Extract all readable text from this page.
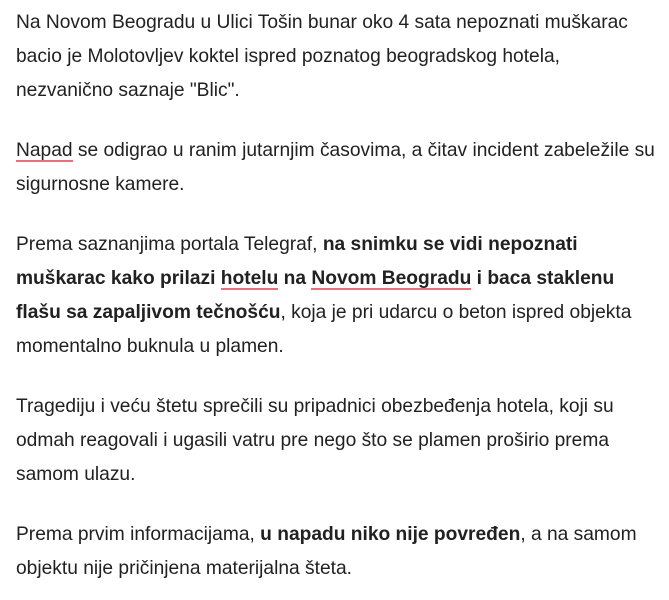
Na Novom Beogradu u Ulici Tošin bunar oko 4 sata nepoznati muškarac bacio je Molotovljev koktel ispred poznatog beogradskog hotela, nezvanično saznaje "Blic".

Napad se odigrao u ranim jutarnjim časovima, a čitav incident zabeležile su sigurnosne kamere.

Prema saznanjima portala Telegraf, na snimku se vidi nepoznati muškarac kako prilazi hotelu na Novom Beogradu i baca staklenu flašu sa zapaljivom tečnošću, koja je pri udarcu o beton ispred objekta momentalno buknula u plamen.

Tragediju i veću štetu sprečili su pripadnici obezbeđenja hotela, koji su odmah reagovali i ugasili vatru pre nego što se plamen proširio prema samom ulazu.

Prema prvim informacijama, u napadu niko nije povređen, a na samom objektu nije pričinjena materijalna šteta.
